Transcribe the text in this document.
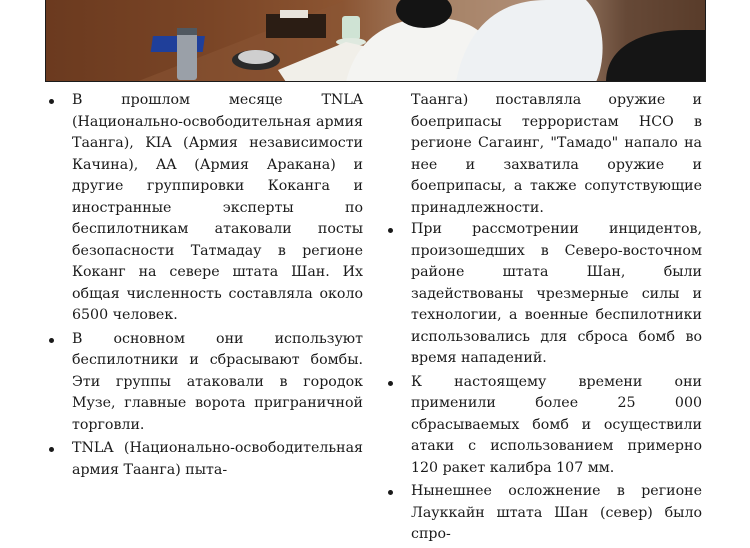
В прошлом месяце TNLA (Национально-освободительная армия Таанга), KIA (Армия независимости Качина), AA (Армия Аракана) и другие группировки Коканга и иностранные эксперты по беспилотникам атаковали посты безопасности Татмадау в регионе Коканг на севере штата Шан. Их общая численность составляла около 6500 человек.

В основном они используют беспилотники и сбрасывают бомбы. Эти группы атаковали в городок Музе, главные ворота приграничной торговли.

TNLA (Национально-освободительная армия Таанга) пыта-

Таанга) поставляла оружие и боеприпасы террористам НСО в регионе Сагаинг, "Тамадо" напало на нее и захватила оружие и боеприпасы, а также сопутствующие принадлежности.

При рассмотрении инцидентов, произошедших в Северо-восточном районе штата Шан, были задействованы чрезмерные силы и технологии, а военные беспилотники использовались для сброса бомб во время нападений.

К настоящему времени они применили более 25 000 сбрасываемых бомб и осуществили атаки с использованием примерно 120 ракет калибра 107 мм.

Нынешнее осложнение в регионе Лауккайн штата Шан (север) было спро-
